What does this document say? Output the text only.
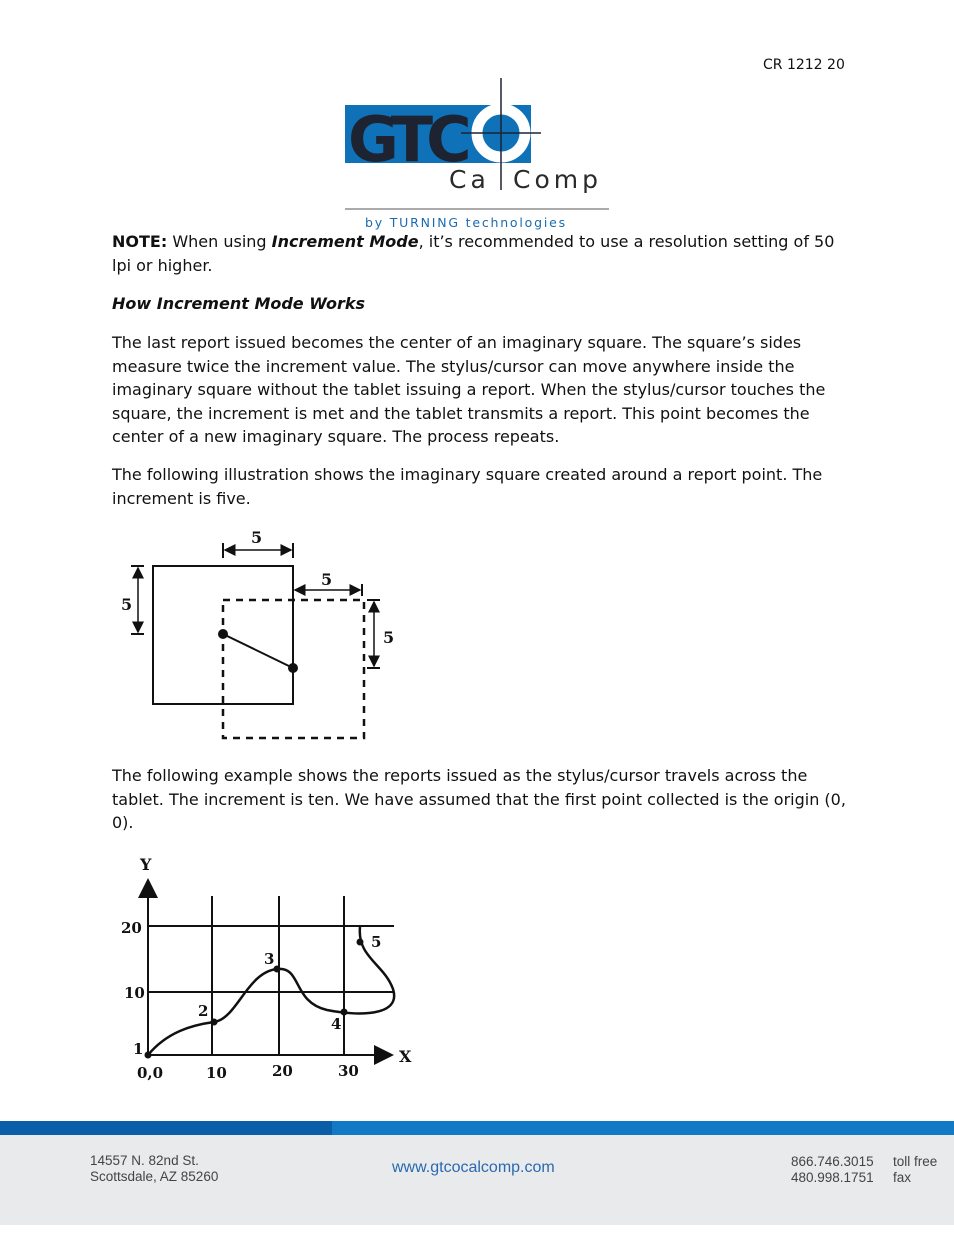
CR 1212 20
GTC
Ca Comp
by TURNING technologies

NOTE: When using Increment Mode, it’s recommended to use a resolution setting of 50 lpi or higher.

How Increment Mode Works
The last report issued becomes the center of an imaginary square. The square’s sides measure twice the increment value. The stylus/cursor can move anywhere inside the imaginary square without the tablet issuing a report. When the stylus/cursor touches the square, the increment is met and the tablet transmits a report. This point becomes the center of a new imaginary square. The process repeats.
The following illustration shows the imaginary square created around a report point. The increment is five.
5
5
5
5
The following example shows the reports issued as the stylus/cursor travels across the tablet. The increment is ten. We have assumed that the first point collected is the origin (0, 0).
Y
X
20
10
1
0,0	10	20	30
2
3
4
5
14557 N. 82nd St.
Scottsdale, AZ 85260
www.gtcocalcomp.com	866.746.3015 toll free
480.998.1751 fax
